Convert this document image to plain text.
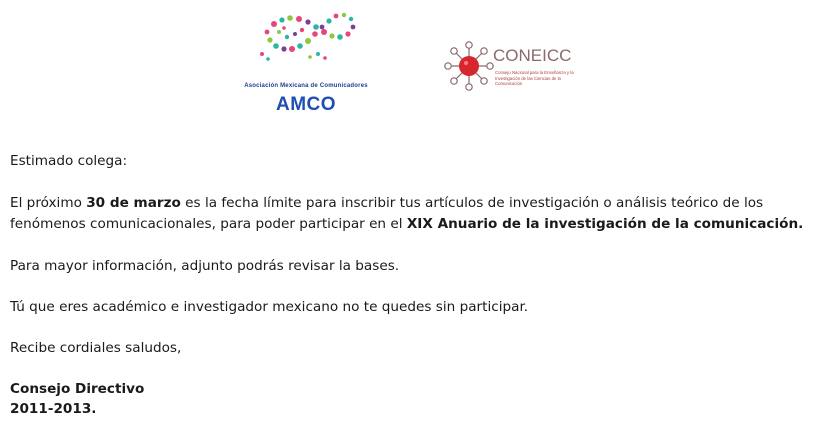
Asociación Mexicana de Comunicadores
AMCO
CONEICC
Consejo Nacional para la Enseñanza y la Investigación de las Ciencias de la Comunicación

Estimado colega:

El próximo 30 de marzo es la fecha límite para inscribir tus artículos de investigación o análisis teórico de los fenómenos comunicacionales, para poder participar en el XIX Anuario de la investigación de la comunicación.

Para mayor información, adjunto podrás revisar la bases.

Tú que eres académico e investigador mexicano no te quedes sin participar.

Recibe cordiales saludos,

Consejo Directivo

2011-2013.
